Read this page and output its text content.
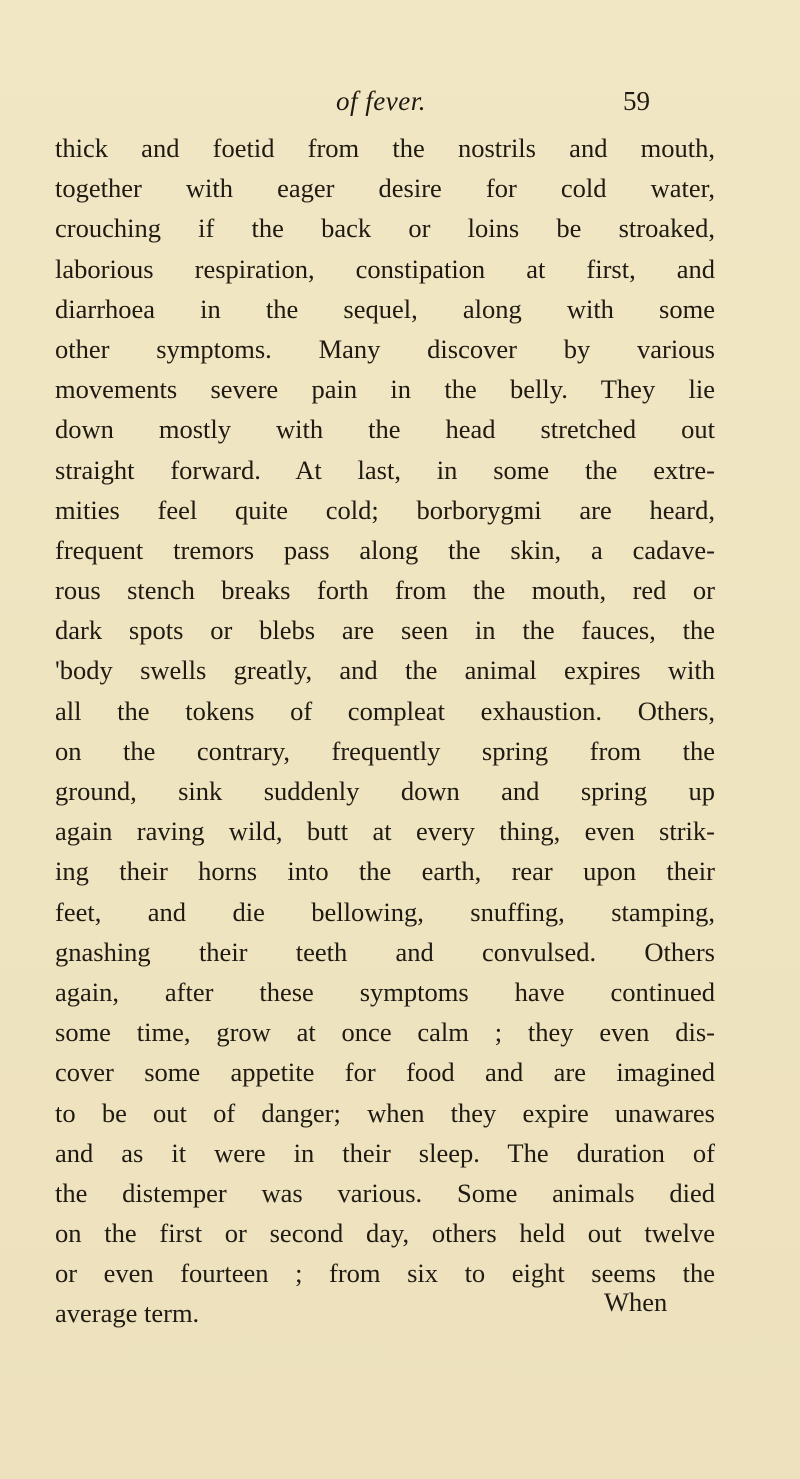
of fever.	59
thick and foetid from the nostrils and mouth,
together with eager desire for cold water,
crouching if the back or loins be stroaked,
laborious respiration, constipation at first, and
diarrhoea in the sequel, along with some
other symptoms. Many discover by various
movements severe pain in the belly. They lie
down mostly with the head stretched out
straight forward. At last, in some the extre-
mities feel quite cold; borborygmi are heard,
frequent tremors pass along the skin, a cadave-
rous stench breaks forth from the mouth, red or
dark spots or blebs are seen in the fauces, the
'body swells greatly, and the animal expires with
all the tokens of compleat exhaustion. Others,
on the contrary, frequently spring from the
ground, sink suddenly down and spring up
again raving wild, butt at every thing, even strik-
ing their horns into the earth, rear upon their
feet, and die bellowing, snuffing, stamping,
gnashing their teeth and convulsed. Others
again, after these symptoms have continued
some time, grow at once calm ; they even dis-
cover some appetite for food and are imagined
to be out of danger; when they expire unawares
and as it were in their sleep. The duration of
the distemper was various. Some animals died
on the first or second day, others held out twelve
or even fourteen ; from six to eight seems the
average term.	When
